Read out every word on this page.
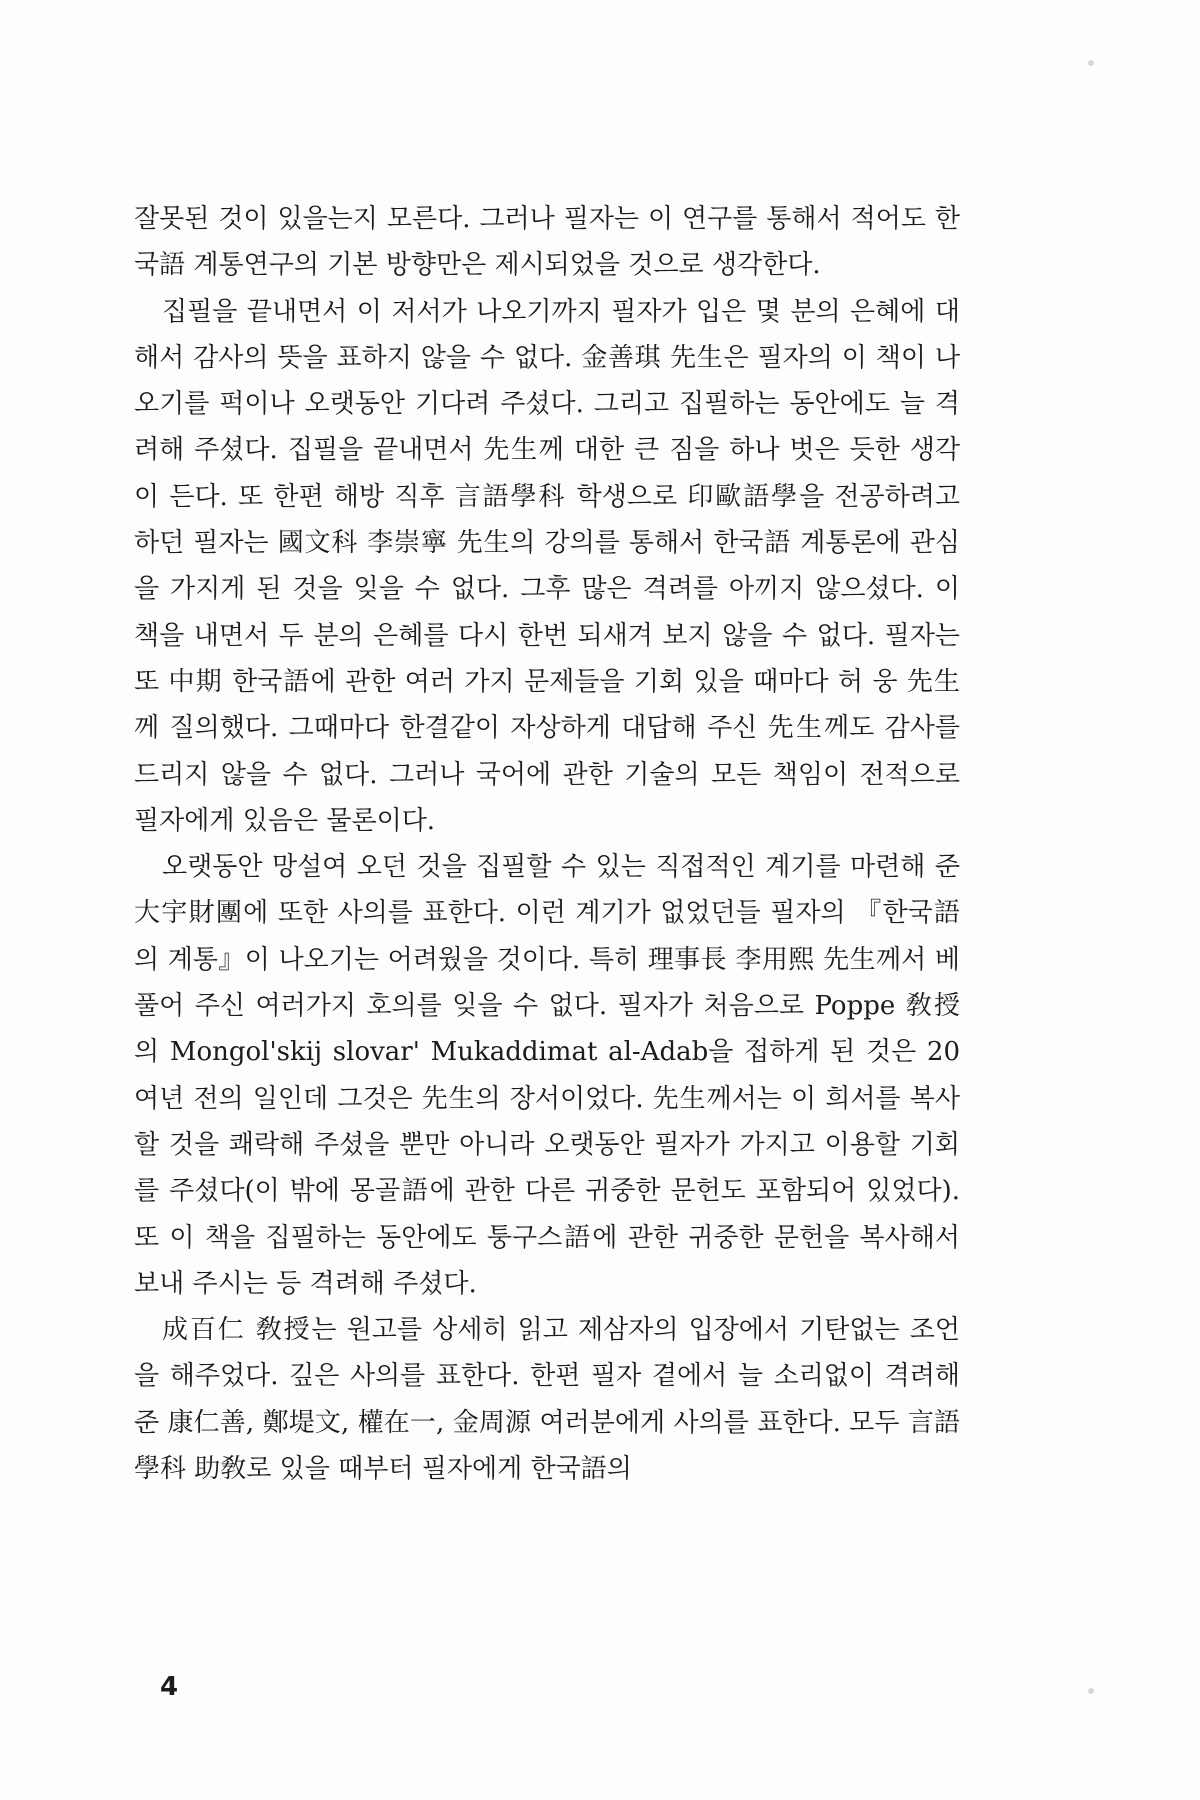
잘못된 것이 있을는지 모른다. 그러나 필자는 이 연구를 통해서 적어도 한국語 계통연구의 기본 방향만은 제시되었을 것으로 생각한다.

집필을 끝내면서 이 저서가 나오기까지 필자가 입은 몇 분의 은혜에 대해서 감사의 뜻을 표하지 않을 수 없다. 金善琪 先生은 필자의 이 책이 나오기를 퍽이나 오랫동안 기다려 주셨다. 그리고 집필하는 동안에도 늘 격려해 주셨다. 집필을 끝내면서 先生께 대한 큰 짐을 하나 벗은 듯한 생각이 든다. 또 한편 해방 직후 言語學科 학생으로 印歐語學을 전공하려고 하던 필자는 國文科 李崇寧 先生의 강의를 통해서 한국語 계통론에 관심을 가지게 된 것을 잊을 수 없다. 그후 많은 격려를 아끼지 않으셨다. 이 책을 내면서 두 분의 은혜를 다시 한번 되새겨 보지 않을 수 없다. 필자는 또 中期 한국語에 관한 여러 가지 문제들을 기회 있을 때마다 허 웅 先生께 질의했다. 그때마다 한결같이 자상하게 대답해 주신 先生께도 감사를 드리지 않을 수 없다. 그러나 국어에 관한 기술의 모든 책임이 전적으로 필자에게 있음은 물론이다.

오랫동안 망설여 오던 것을 집필할 수 있는 직접적인 계기를 마련해 준 大宇財團에 또한 사의를 표한다. 이런 계기가 없었던들 필자의 『한국語의 계통』이 나오기는 어려웠을 것이다. 특히 理事長 李用熙 先生께서 베풀어 주신 여러가지 호의를 잊을 수 없다. 필자가 처음으로 Poppe 敎授의 Mongol'skij slovar' Mukaddimat al-Adab을 접하게 된 것은 20여년 전의 일인데 그것은 先生의 장서이었다. 先生께서는 이 희서를 복사할 것을 쾌락해 주셨을 뿐만 아니라 오랫동안 필자가 가지고 이용할 기회를 주셨다(이 밖에 몽골語에 관한 다른 귀중한 문헌도 포함되어 있었다). 또 이 책을 집필하는 동안에도 퉁구스語에 관한 귀중한 문헌을 복사해서 보내 주시는 등 격려해 주셨다.

成百仁 敎授는 원고를 상세히 읽고 제삼자의 입장에서 기탄없는 조언을 해주었다. 깊은 사의를 표한다. 한편 필자 곁에서 늘 소리없이 격려해 준 康仁善, 鄭堤文, 權在一, 金周源 여러분에게 사의를 표한다. 모두 言語學科 助敎로 있을 때부터 필자에게 한국語의

4
